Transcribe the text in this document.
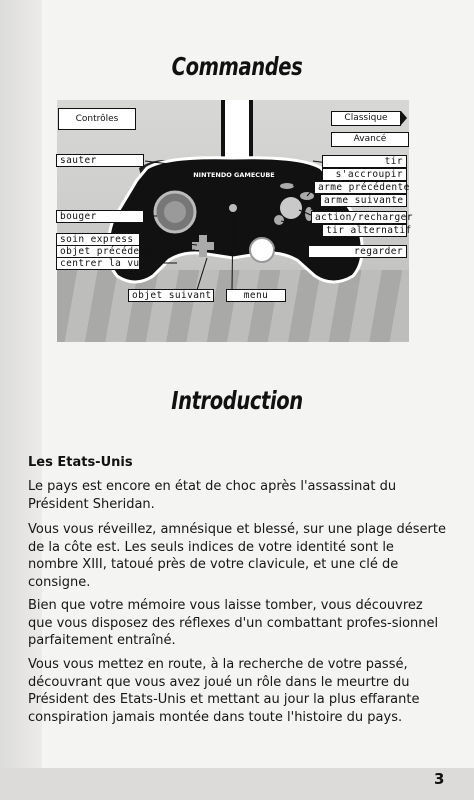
Commandes
NINTENDO GAMECUBE
Contrôles	Classique
Avancé
sauter
bouger
soin express
objet précédent
centrer la vue
tir
s'accroupir
arme précédente
arme suivante
action/recharger
tir alternatif
regarder
objet suivant	menu
Introduction
Les Etats-Unis
Le pays est encore en état de choc après l'assassinat du Président Sheridan.
Vous vous réveillez, amnésique et blessé, sur une plage déserte de la côte est. Les seuls indices de votre identité sont le nombre XIII, tatoué près de votre clavicule, et une clé de consigne.
Bien que votre mémoire vous laisse tomber, vous découvrez que vous disposez des réflexes d'un combattant profes-sionnel parfaitement entraîné.
Vous vous mettez en route, à la recherche de votre passé, découvrant que vous avez joué un rôle dans le meurtre du Président des Etats-Unis et mettant au jour la plus effarante conspiration jamais montée dans toute l'histoire du pays.
3
